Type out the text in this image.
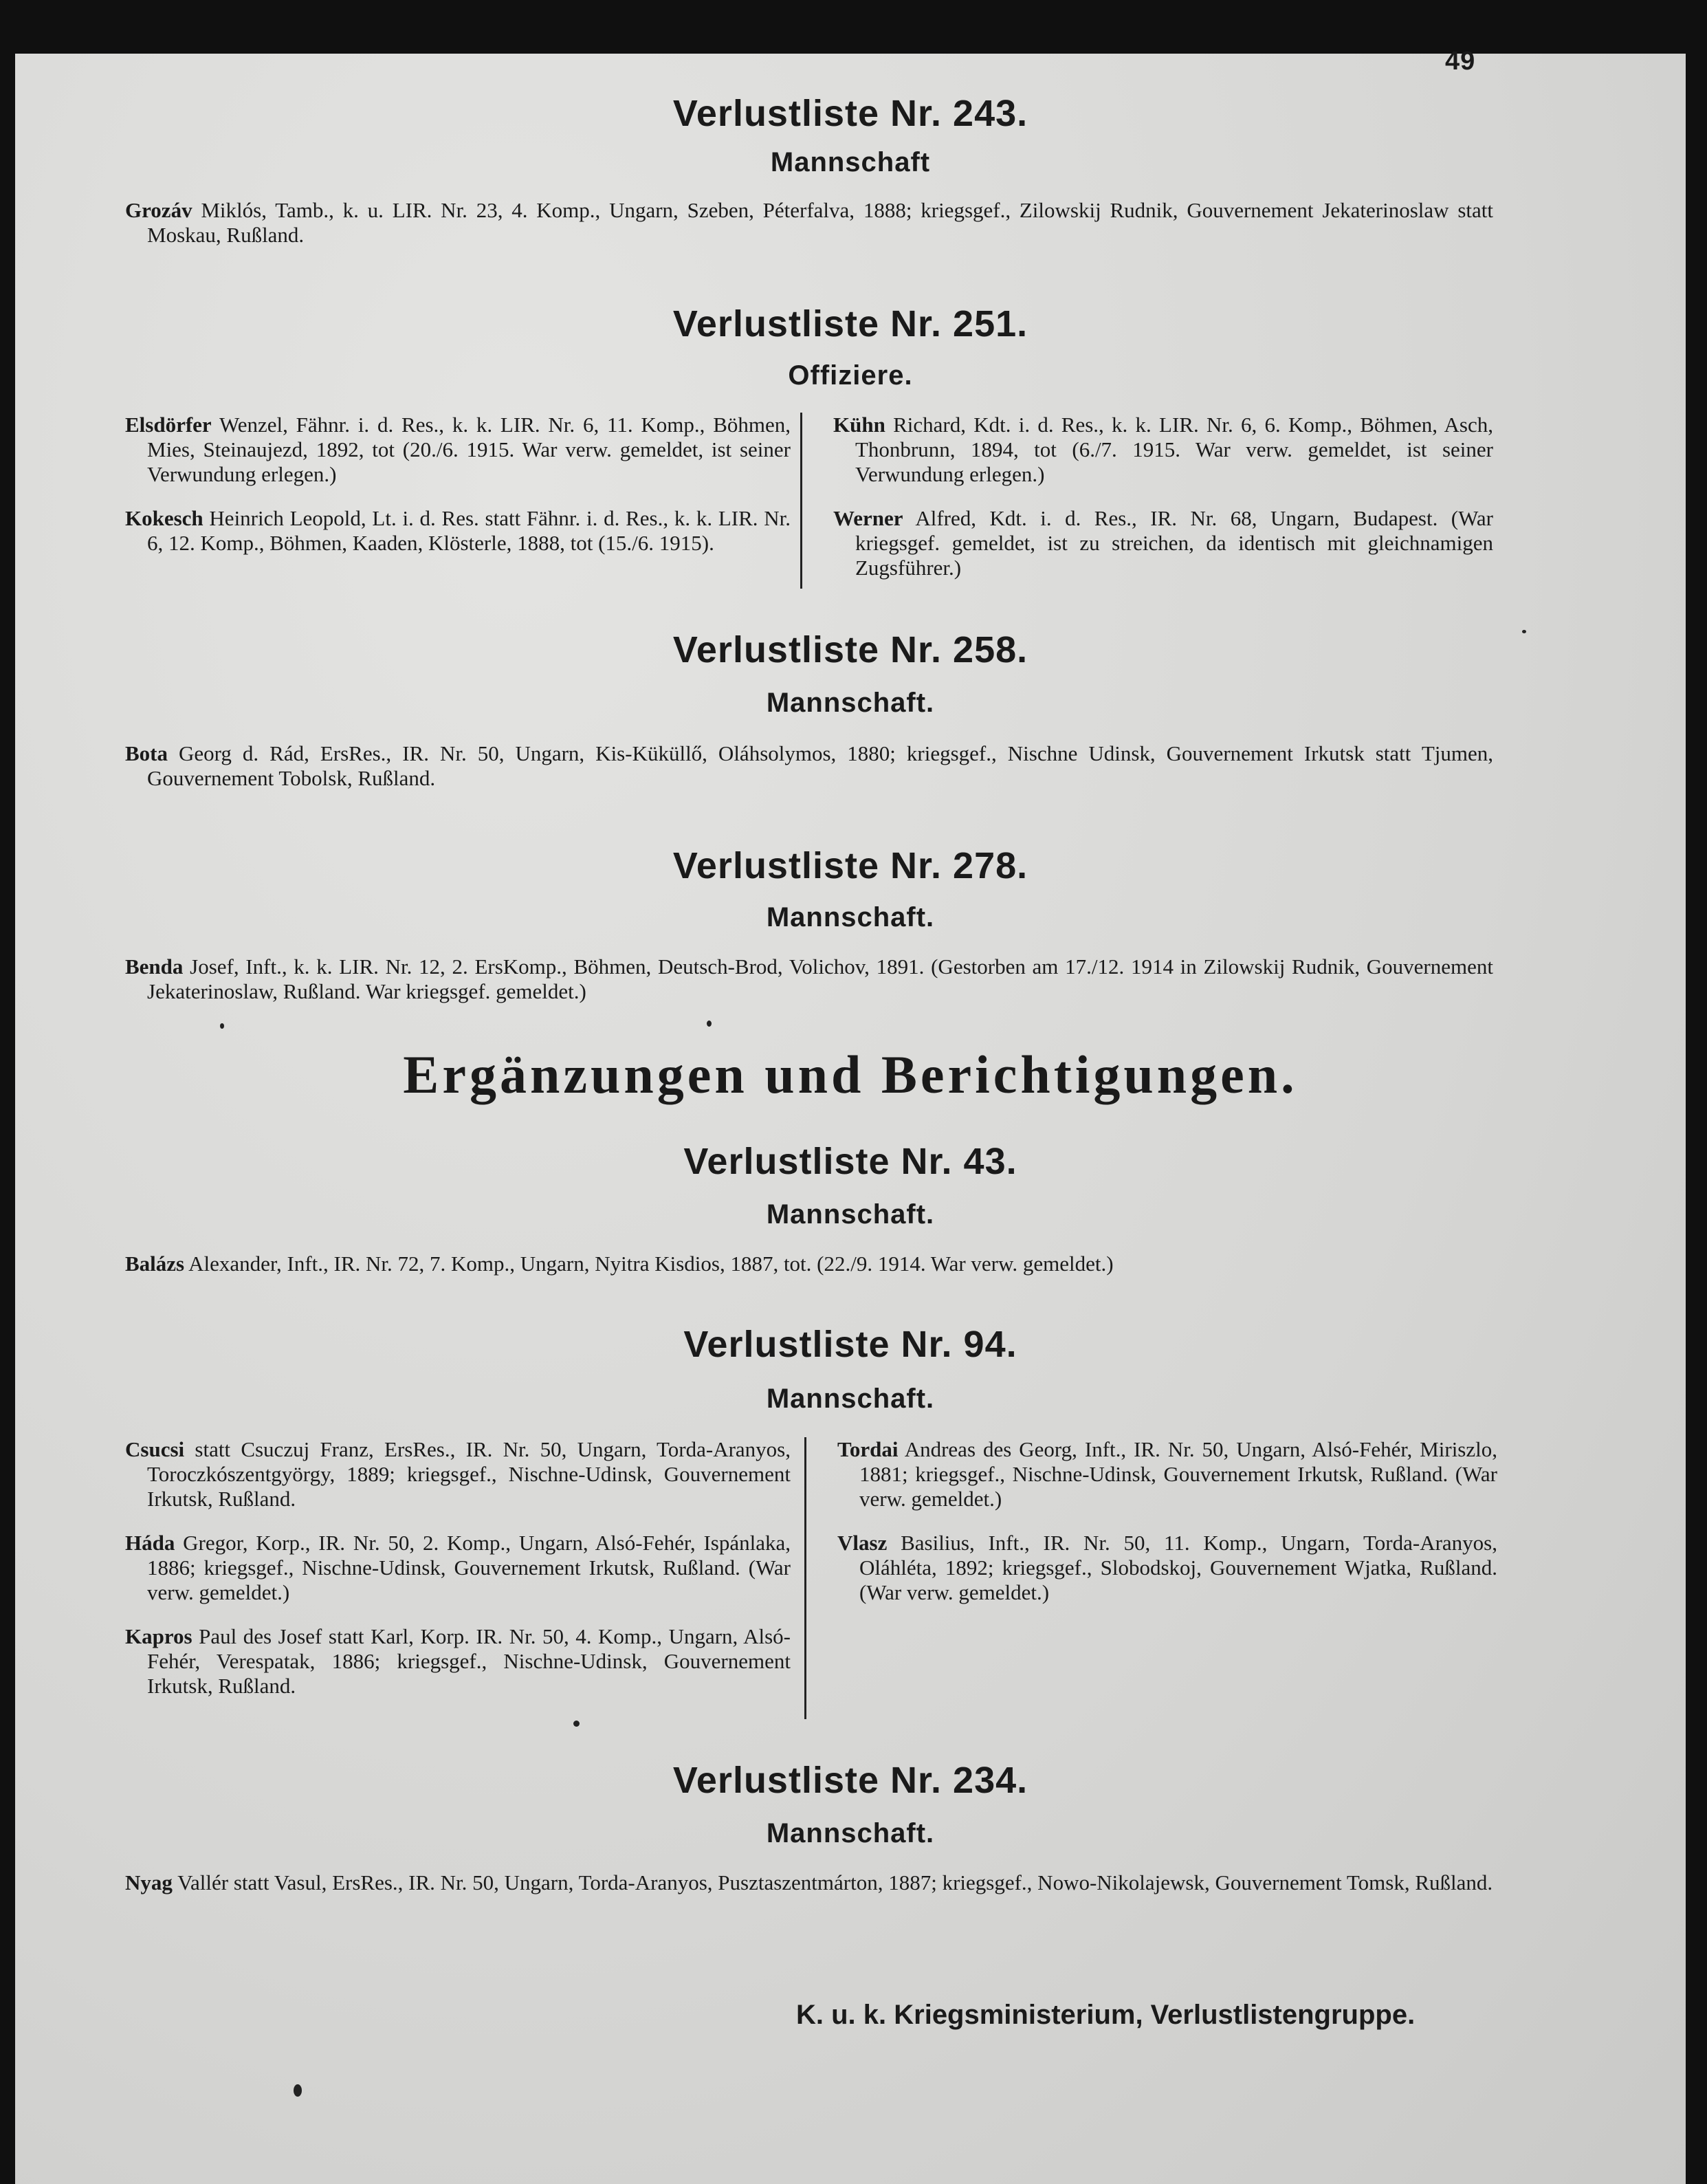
49
Verlustliste Nr. 243.
Mannschaft

Grozáv Miklós, Tamb., k. u. LIR. Nr. 23, 4. Komp., Ungarn, Szeben, Péterfalva, 1888; kriegsgef., Zilowskij Rudnik, Gouvernement Jekaterinoslaw statt Moskau, Rußland.

Verlustliste Nr. 251.
Offiziere.

Elsdörfer Wenzel, Fähnr. i. d. Res., k. k. LIR. Nr. 6, 11. Komp., Böhmen, Mies, Steinaujezd, 1892, tot (20./6. 1915. War verw. gemeldet, ist seiner Verwundung erlegen.)

Kokesch Heinrich Leopold, Lt. i. d. Res. statt Fähnr. i. d. Res., k. k. LIR. Nr. 6, 12. Komp., Böhmen, Kaaden, Klösterle, 1888, tot (15./6. 1915).

Kühn Richard, Kdt. i. d. Res., k. k. LIR. Nr. 6, 6. Komp., Böhmen, Asch, Thonbrunn, 1894, tot (6./7. 1915. War verw. gemeldet, ist seiner Verwundung erlegen.)

Werner Alfred, Kdt. i. d. Res., IR. Nr. 68, Ungarn, Budapest. (War kriegsgef. gemeldet, ist zu streichen, da identisch mit gleichnamigen Zugsführer.)

Verlustliste Nr. 258.
Mannschaft.

Bota Georg d. Rád, ErsRes., IR. Nr. 50, Ungarn, Kis-Küküllő, Oláhsolymos, 1880; kriegsgef., Nischne Udinsk, Gouvernement Irkutsk statt Tjumen, Gouvernement Tobolsk, Rußland.

Verlustliste Nr. 278.
Mannschaft.

Benda Josef, Inft., k. k. LIR. Nr. 12, 2. ErsKomp., Böhmen, Deutsch-Brod, Volichov, 1891. (Gestorben am 17./12. 1914 in Zilowskij Rudnik, Gouvernement Jekaterinoslaw, Rußland. War kriegsgef. gemeldet.)

Ergänzungen und Berichtigungen.
Verlustliste Nr. 43.
Mannschaft.

Balázs Alexander, Inft., IR. Nr. 72, 7. Komp., Ungarn, Nyitra Kisdios, 1887, tot. (22./9. 1914. War verw. gemeldet.)

Verlustliste Nr. 94.
Mannschaft.

Csucsi statt Csuczuj Franz, ErsRes., IR. Nr. 50, Ungarn, Torda-Aranyos, Toroczkószentgyörgy, 1889; kriegsgef., Nischne-Udinsk, Gouvernement Irkutsk, Rußland.

Háda Gregor, Korp., IR. Nr. 50, 2. Komp., Ungarn, Alsó-Fehér, Ispánlaka, 1886; kriegsgef., Nischne-Udinsk, Gouvernement Irkutsk, Rußland. (War verw. gemeldet.)

Kapros Paul des Josef statt Karl, Korp. IR. Nr. 50, 4. Komp., Ungarn, Alsó-Fehér, Verespatak, 1886; kriegsgef., Nischne-Udinsk, Gouvernement Irkutsk, Rußland.

Tordai Andreas des Georg, Inft., IR. Nr. 50, Ungarn, Alsó-Fehér, Miriszlo, 1881; kriegsgef., Nischne-Udinsk, Gouvernement Irkutsk, Rußland. (War verw. gemeldet.)

Vlasz Basilius, Inft., IR. Nr. 50, 11. Komp., Ungarn, Torda-Aranyos, Oláhléta, 1892; kriegsgef., Slobodskoj, Gouvernement Wjatka, Rußland. (War verw. gemeldet.)

Verlustliste Nr. 234.
Mannschaft.

Nyag Vallér statt Vasul, ErsRes., IR. Nr. 50, Ungarn, Torda-Aranyos, Pusztaszentmárton, 1887; kriegsgef., Nowo-Nikolajewsk, Gouvernement Tomsk, Rußland.

K. u. k. Kriegsministerium, Verlustlistengruppe.
